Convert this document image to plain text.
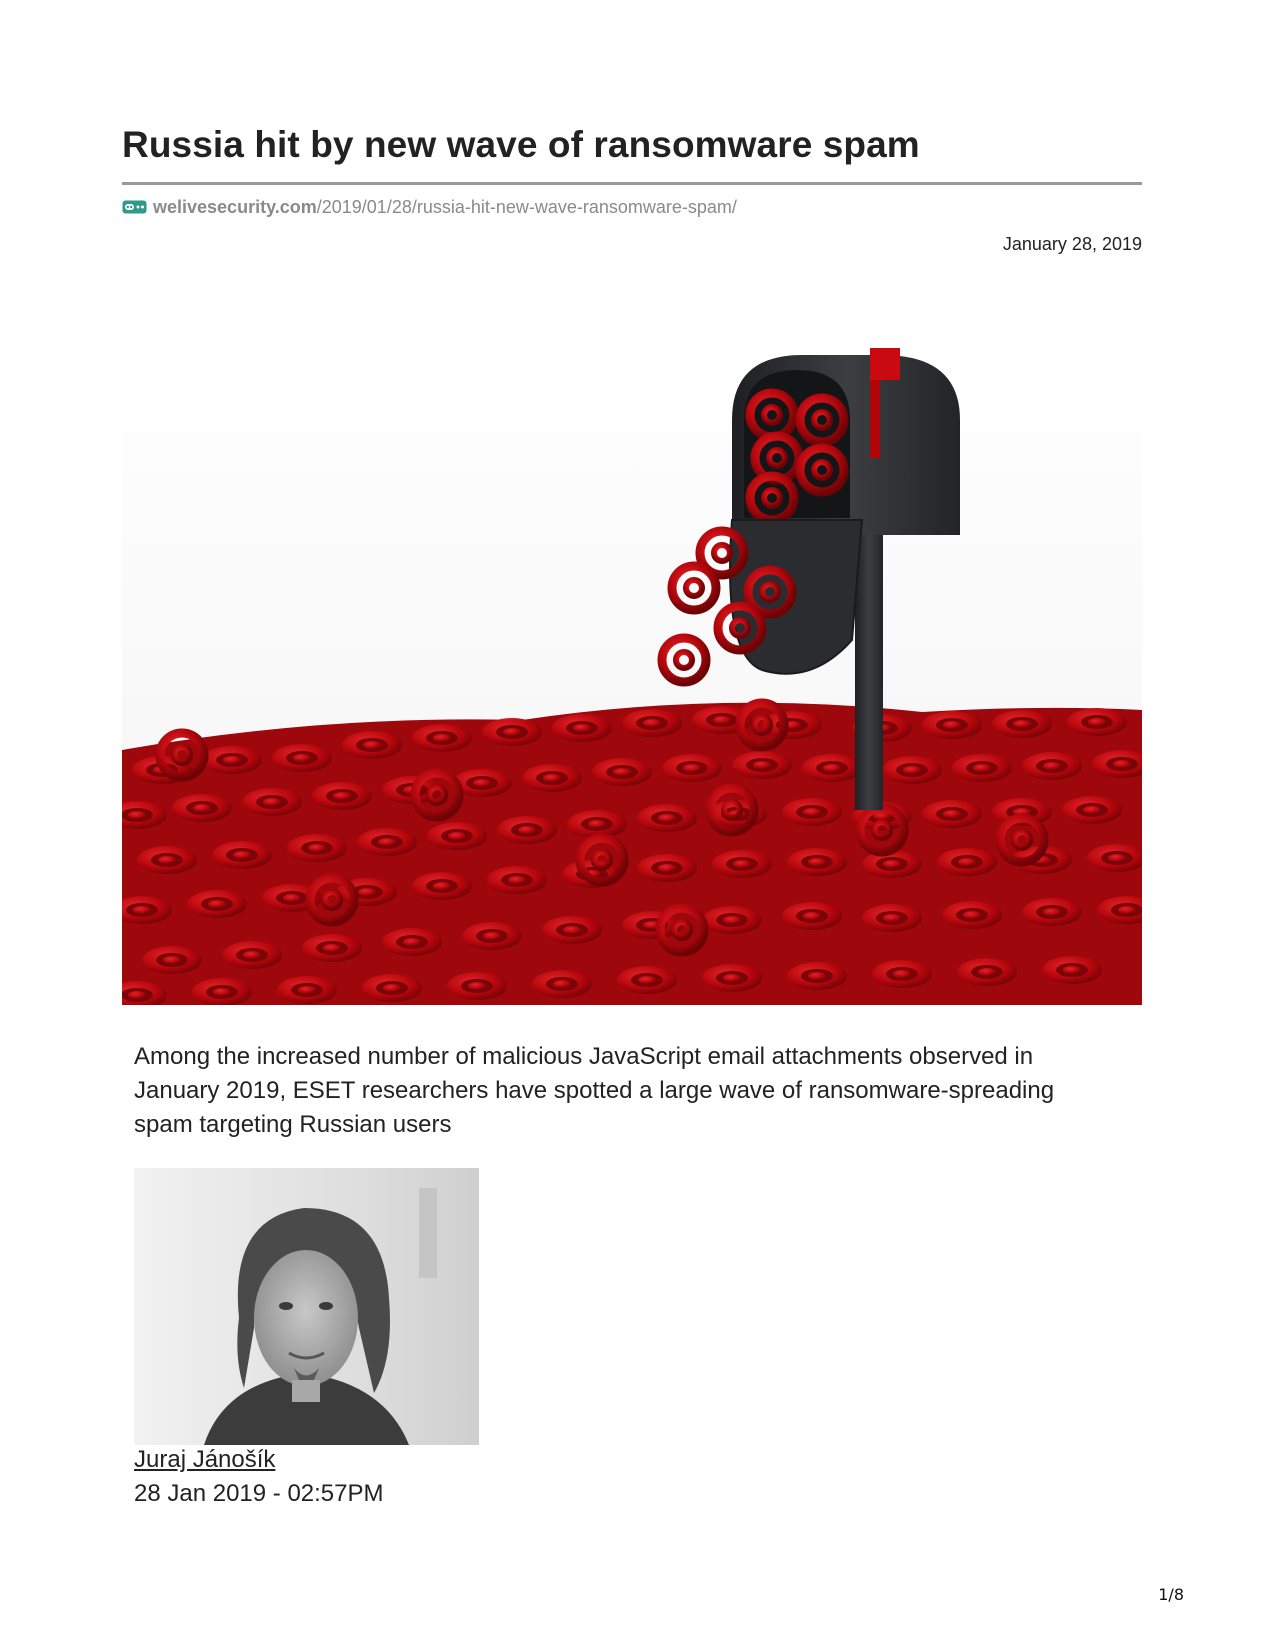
Russia hit by new wave of ransomware spam
welivesecurity.com /2019/01/28/russia-hit-new-wave-ransomware-spam/
January 28, 2019

Among the increased number of malicious JavaScript email attachments observed in January 2019, ESET researchers have spotted a large wave of ransomware-spreading spam targeting Russian users

Juraj Jánošík
28 Jan 2019 - 02:57PM
1/8
